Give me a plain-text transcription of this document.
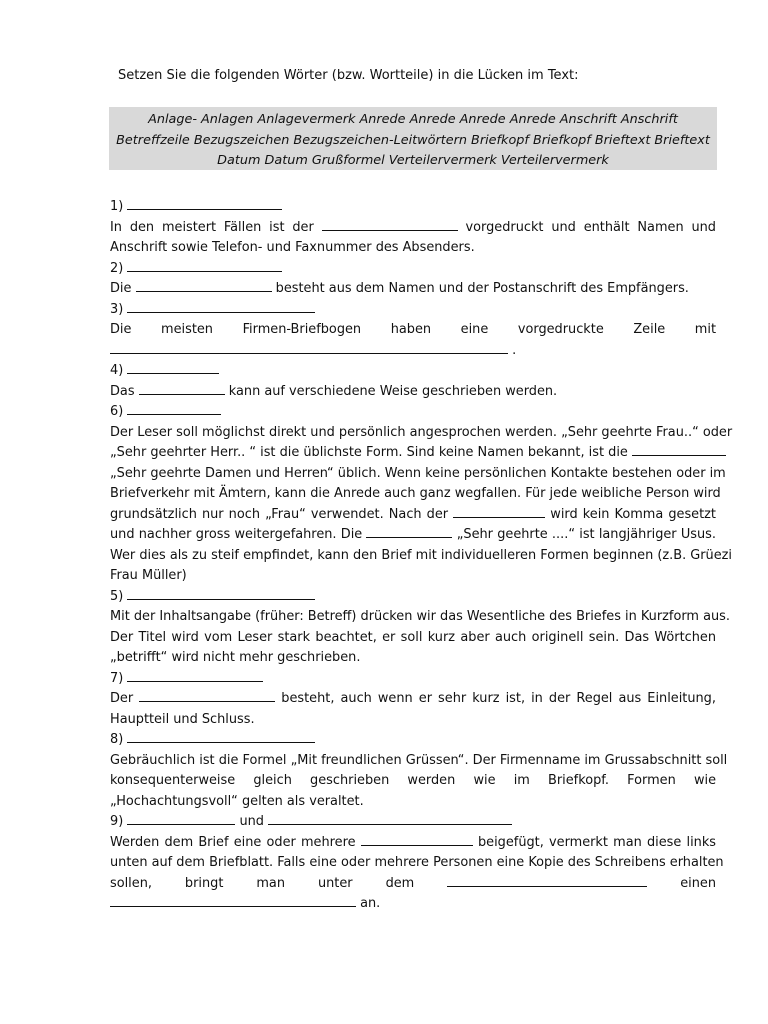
Setzen Sie die folgenden Wörter (bzw. Wortteile) in die Lücken im Text:
Anlage- Anlagen Anlagevermerk Anrede Anrede Anrede Anrede Anschrift Anschrift
Betreffzeile Bezugszeichen Bezugszeichen-Leitwörtern Briefkopf Briefkopf Brieftext Brieftext
Datum Datum Grußformel Verteilervermerk Verteilervermerk
1)
In den meistert Fällen ist der	vorgedruckt und enthält Namen und
Anschrift sowie Telefon- und Faxnummer des Absenders.
2)
Die	besteht aus dem Namen und der Postanschrift des Empfängers.
3)
Die meisten Firmen-Briefbogen haben eine vorgedruckte Zeile mit
.
4)
Das	kann auf verschiedene Weise geschrieben werden.
6)
Der Leser soll möglichst direkt und persönlich angesprochen werden. „Sehr geehrte Frau..“ oder
„Sehr geehrter Herr.. “ ist die üblichste Form. Sind keine Namen bekannt, ist die
„Sehr geehrte Damen und Herren“ üblich. Wenn keine persönlichen Kontakte bestehen oder im
Briefverkehr mit Ämtern, kann die Anrede auch ganz wegfallen. Für jede weibliche Person wird
grundsätzlich nur noch „Frau“ verwendet. Nach der	wird kein Komma gesetzt
und nachher gross weitergefahren. Die	„Sehr geehrte ....“ ist langjähriger Usus.
Wer dies als zu steif empfindet, kann den Brief mit individuelleren Formen beginnen (z.B. Grüezi
Frau Müller)
5)
Mit der Inhaltsangabe (früher: Betreff) drücken wir das Wesentliche des Briefes in Kurzform aus.
Der Titel wird vom Leser stark beachtet, er soll kurz aber auch originell sein. Das Wörtchen
„betrifft“ wird nicht mehr geschrieben.
7)
Der	besteht, auch wenn er sehr kurz ist, in der Regel aus Einleitung,
Hauptteil und Schluss.
8)
Gebräuchlich ist die Formel „Mit freundlichen Grüssen“. Der Firmenname im Grussabschnitt soll
konsequenterweise gleich geschrieben werden wie im Briefkopf. Formen wie
„Hochachtungsvoll“ gelten als veraltet.
9)	und
Werden dem Brief eine oder mehrere	beigefügt, vermerkt man diese links
unten auf dem Briefblatt. Falls eine oder mehrere Personen eine Kopie des Schreibens erhalten
sollen, bringt man unter dem	einen
an.
